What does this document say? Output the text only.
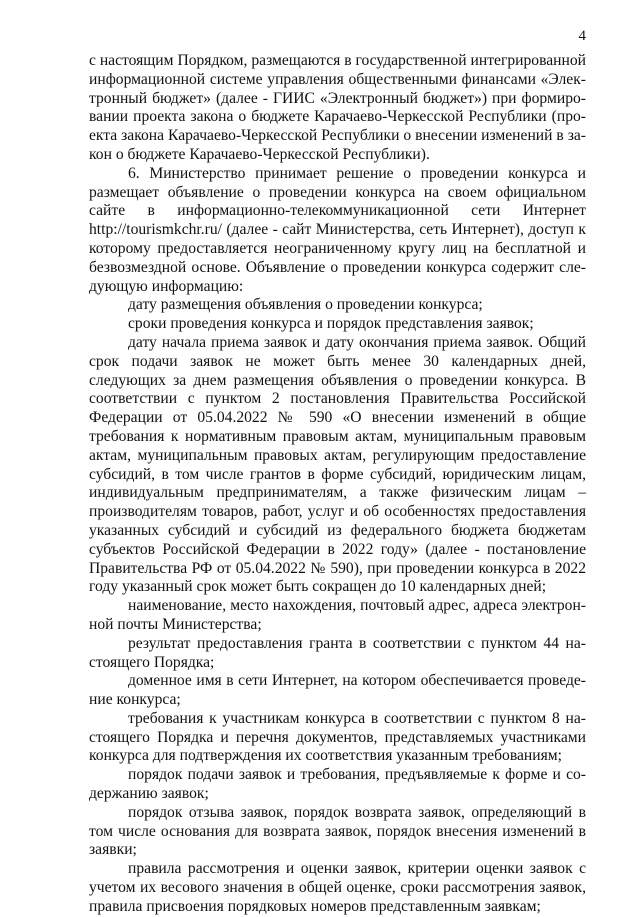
4

с настоящим Порядком, размещаются в государственной интегрированной информационной системе управления общественными финансами «Электронный бюджет» (далее - ГИИС «Электронный бюджет») при формировании проекта закона о бюджете Карачаево-Черкесской Республики (проекта закона Карачаево-Черкесской Республики о внесении изменений в закон о бюджете Карачаево-Черкесской Республики).

6. Министерство принимает решение о проведении конкурса и размещает объявление о проведении конкурса на своем официальном сайте в информационно-телекоммуникационной сети Интернет http://tourismkchr.ru/ (далее - сайт Министерства, сеть Интернет), доступ к которому предоставляется неограниченному кругу лиц на бесплатной и безвозмездной основе. Объявление о проведении конкурса содержит следующую информацию:

дату размещения объявления о проведении конкурса;

сроки проведения конкурса и порядок представления заявок;

дату начала приема заявок и дату окончания приема заявок. Общий срок подачи заявок не может быть менее 30 календарных дней, следующих за днем размещения объявления о проведении конкурса. В соответствии с пунктом 2 постановления Правительства Российской Федерации от 05.04.2022 № 590 «О внесении изменений в общие требования к нормативным правовым актам, муниципальным правовым актам, муниципальным правовых актам, регулирующим предоставление субсидий, в том числе грантов в форме субсидий, юридическим лицам, индивидуальным предпринимателям, а также физическим лицам – производителям товаров, работ, услуг и об особенностях предоставления указанных субсидий и субсидий из федерального бюджета бюджетам субъектов Российской Федерации в 2022 году» (далее - постановление Правительства РФ от 05.04.2022 № 590), при проведении конкурса в 2022 году указанный срок может быть сокращен до 10 календарных дней;

наименование, место нахождения, почтовый адрес, адреса электронной почты Министерства;

результат предоставления гранта в соответствии с пунктом 44 настоящего Порядка;

доменное имя в сети Интернет, на котором обеспечивается проведение конкурса;

требования к участникам конкурса в соответствии с пунктом 8 настоящего Порядка и перечня документов, представляемых участниками конкурса для подтверждения их соответствия указанным требованиям;

порядок подачи заявок и требования, предъявляемые к форме и содержанию заявок;

порядок отзыва заявок, порядок возврата заявок, определяющий в том числе основания для возврата заявок, порядок внесения изменений в заявки;

правила рассмотрения и оценки заявок, критерии оценки заявок с учетом их весового значения в общей оценке, сроки рассмотрения заявок, правила присвоения порядковых номеров представленным заявкам;
